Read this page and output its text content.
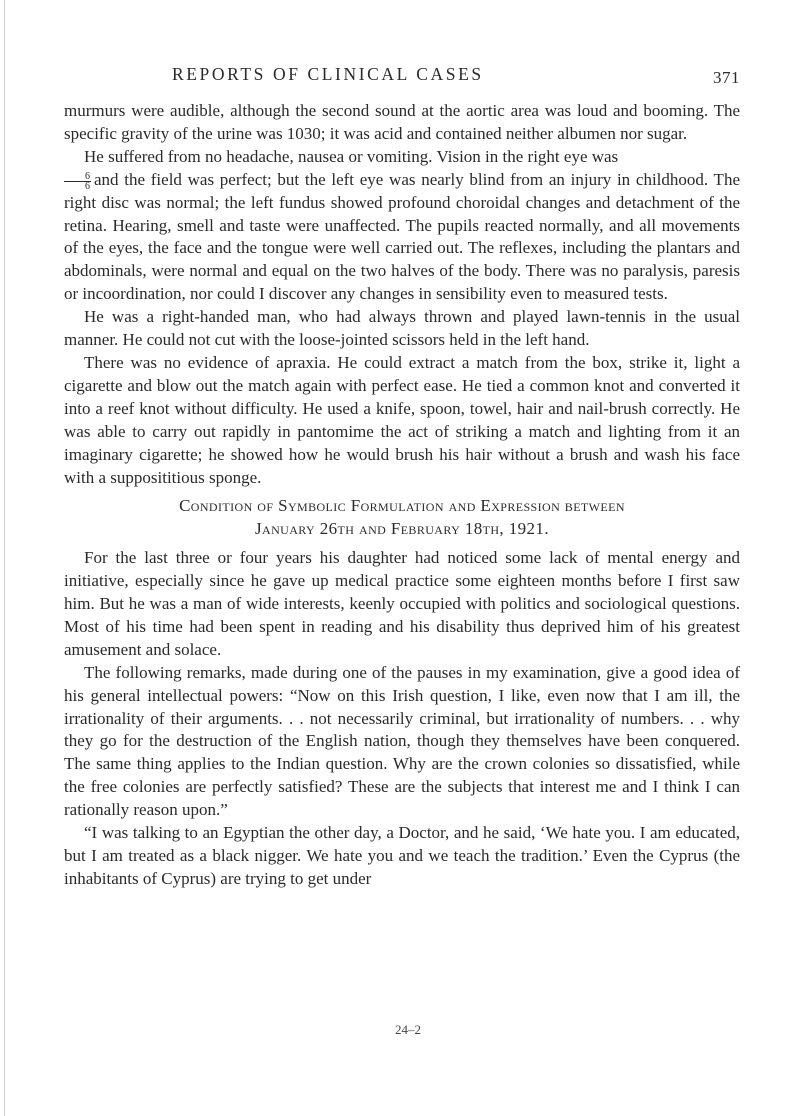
REPORTS OF CLINICAL CASES	371

murmurs were audible, although the second sound at the aortic area was loud and booming. The specific gravity of the urine was 1030; it was acid and contained neither albumen nor sugar.

He suffered from no headache, nausea or vomiting. Vision in the right eye was

$\frac{6}{6}$ and the field was perfect; but the left eye was nearly blind from an injury in childhood. The right disc was normal; the left fundus showed profound choroidal changes and detachment of the retina. Hearing, smell and taste were unaffected. The pupils reacted normally, and all movements of the eyes, the face and the tongue were well carried out. The reflexes, including the plantars and abdominals, were normal and equal on the two halves of the body. There was no paralysis, paresis or incoordination, nor could I discover any changes in sensibility even to measured tests.

He was a right-handed man, who had always thrown and played lawn-tennis in the usual manner. He could not cut with the loose-jointed scissors held in the left hand.

There was no evidence of apraxia. He could extract a match from the box, strike it, light a cigarette and blow out the match again with perfect ease. He tied a common knot and converted it into a reef knot without difficulty. He used a knife, spoon, towel, hair and nail-brush correctly. He was able to carry out rapidly in pantomime the act of striking a match and lighting from it an imaginary cigarette; he showed how he would brush his hair without a brush and wash his face with a supposititious sponge.

Condition of Symbolic Formulation and Expression between
January 26th and February 18th, 1921.

For the last three or four years his daughter had noticed some lack of mental energy and initiative, especially since he gave up medical practice some eighteen months before I first saw him. But he was a man of wide interests, keenly occupied with politics and sociological questions. Most of his time had been spent in reading and his disability thus deprived him of his greatest amusement and solace.

The following remarks, made during one of the pauses in my examination, give a good idea of his general intellectual powers: “Now on this Irish question, I like, even now that I am ill, the irrationality of their arguments. . . not necessarily criminal, but irrationality of numbers. . . why they go for the destruction of the English nation, though they themselves have been conquered. The same thing applies to the Indian question. Why are the crown colonies so dissatisfied, while the free colonies are perfectly satisfied? These are the subjects that interest me and I think I can rationally reason upon.”

“I was talking to an Egyptian the other day, a Doctor, and he said, ‘We hate you. I am educated, but I am treated as a black nigger. We hate you and we teach the tradition.’ Even the Cyprus (the inhabitants of Cyprus) are trying to get under

24–2
